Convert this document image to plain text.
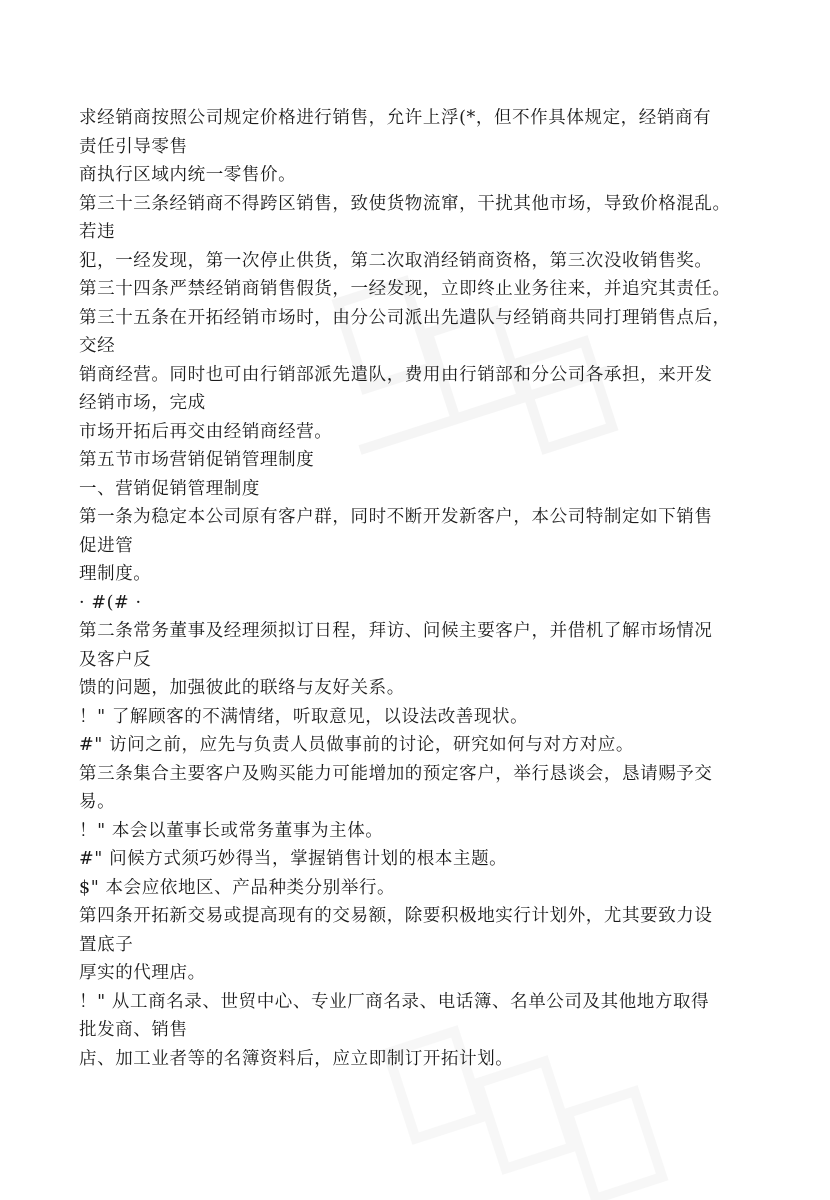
求经销商按照公司规定价格进行销售，允许上浮(*，但不作具体规定，经销商有
责任引导零售
商执行区域内统一零售价。
第三十三条经销商不得跨区销售，致使货物流窜，干扰其他市场，导致价格混乱。
若违
犯，一经发现，第一次停止供货，第二次取消经销商资格，第三次没收销售奖。
第三十四条严禁经销商销售假货，一经发现，立即终止业务往来，并追究其责任。
第三十五条在开拓经销市场时，由分公司派出先遣队与经销商共同打理销售点后，
交经
销商经营。同时也可由行销部派先遣队，费用由行销部和分公司各承担，来开发
经销市场，完成
市场开拓后再交由经销商经营。
第五节市场营销促销管理制度
一、营销促销管理制度
第一条为稳定本公司原有客户群，同时不断开发新客户，本公司特制定如下销售
促进管
理制度。
· #(# ·
第二条常务董事及经理须拟订日程，拜访、问候主要客户，并借机了解市场情况
及客户反
馈的问题，加强彼此的联络与友好关系。
！" 了解顾客的不满情绪，听取意见，以设法改善现状。
#" 访问之前，应先与负责人员做事前的讨论，研究如何与对方对应。
第三条集合主要客户及购买能力可能增加的预定客户，举行恳谈会，恳请赐予交
易。
！" 本会以董事长或常务董事为主体。
#" 问候方式须巧妙得当，掌握销售计划的根本主题。
$" 本会应依地区、产品种类分别举行。
第四条开拓新交易或提高现有的交易额，除要积极地实行计划外，尤其要致力设
置底子
厚实的代理店。
！" 从工商名录、世贸中心、专业厂商名录、电话簿、名单公司及其他地方取得
批发商、销售
店、加工业者等的名簿资料后，应立即制订开拓计划。
